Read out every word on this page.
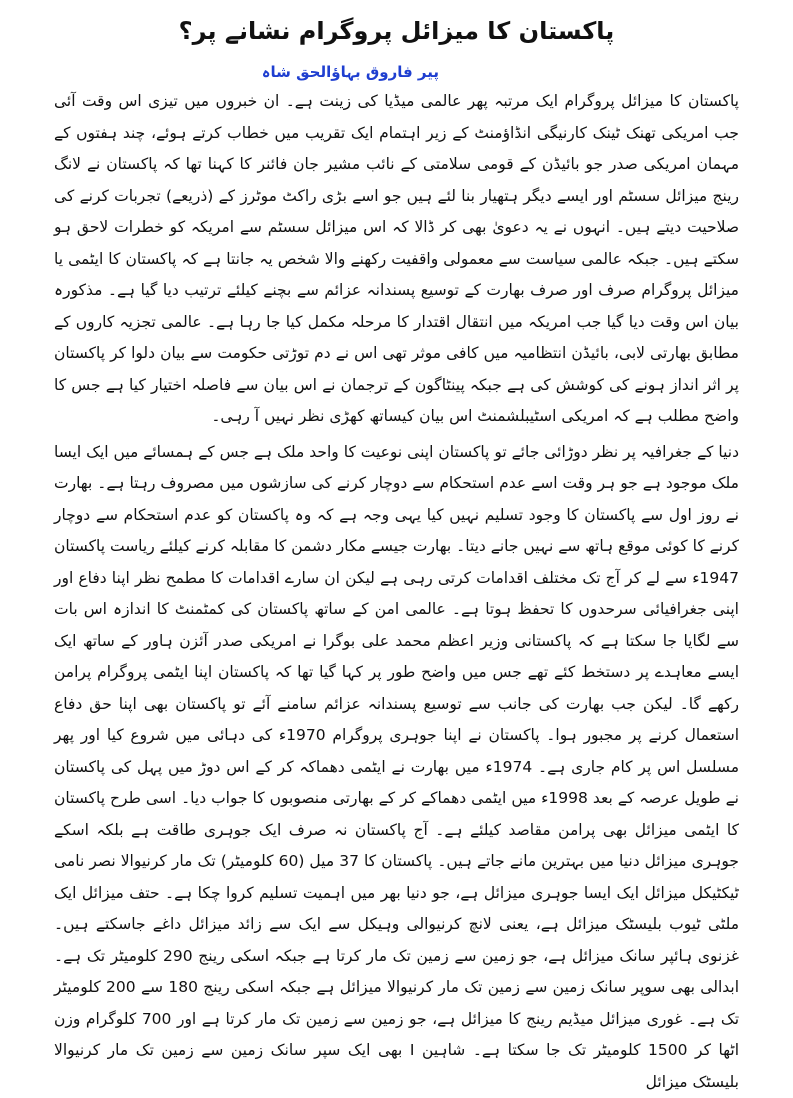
پاکستان کا میزائل پروگرام نشانے پر؟
پیر فاروق بہاؤالحق شاہ

پاکستان کا میزائل پروگرام ایک مرتبہ پھر عالمی میڈیا کی زینت ہے۔ ان خبروں میں تیزی اس وقت آئی جب امریکی تھنک ٹینک کارنیگی انڈاؤمنٹ کے زیر اہتمام ایک تقریب میں خطاب کرتے ہوئے، چند ہفتوں کے مہمان امریکی صدر جو بائیڈن کے قومی سلامتی کے نائب مشیر جان فائنر کا کہنا تھا کہ پاکستان نے لانگ رینج میزائل سسٹم اور ایسے دیگر ہتھیار بنا لئے ہیں جو اسے بڑی راکٹ موٹرز کے (ذریعے) تجربات کرنے کی صلاحیت دیتے ہیں۔ انہوں نے یہ دعویٰ بھی کر ڈالا کہ اس میزائل سسٹم سے امریکہ کو خطرات لاحق ہو سکتے ہیں۔ جبکہ عالمی سیاست سے معمولی واقفیت رکھنے والا شخص یہ جانتا ہے کہ پاکستان کا ایٹمی یا میزائل پروگرام صرف اور صرف بھارت کے توسیع پسندانہ عزائم سے بچنے کیلئے ترتیب دیا گیا ہے۔ مذکورہ بیان اس وقت دیا گیا جب امریکہ میں انتقال اقتدار کا مرحلہ مکمل کیا جا رہا ہے۔ عالمی تجزیہ کاروں کے مطابق بھارتی لابی، بائیڈن انتظامیہ میں کافی موثر تھی اس نے دم توڑتی حکومت سے بیان دلوا کر پاکستان پر اثر انداز ہونے کی کوشش کی ہے جبکہ پینٹاگون کے ترجمان نے اس بیان سے فاصلہ اختیار کیا ہے جس کا واضح مطلب ہے کہ امریکی اسٹیبلشمنٹ اس بیان کیساتھ کھڑی نظر نہیں آ رہی۔

دنیا کے جغرافیہ پر نظر دوڑائی جائے تو پاکستان اپنی نوعیت کا واحد ملک ہے جس کے ہمسائے میں ایک ایسا ملک موجود ہے جو ہر وقت اسے عدم استحکام سے دوچار کرنے کی سازشوں میں مصروف رہتا ہے۔ بھارت نے روز اول سے پاکستان کا وجود تسلیم نہیں کیا یہی وجہ ہے کہ وہ پاکستان کو عدم استحکام سے دوچار کرنے کا کوئی موقع ہاتھ سے نہیں جانے دیتا۔ بھارت جیسے مکار دشمن کا مقابلہ کرنے کیلئے ریاست پاکستان 1947ء سے لے کر آج تک مختلف اقدامات کرتی رہی ہے لیکن ان سارے اقدامات کا مطمح نظر اپنا دفاع اور اپنی جغرافیائی سرحدوں کا تحفظ ہوتا ہے۔ عالمی امن کے ساتھ پاکستان کی کمٹمنٹ کا اندازہ اس بات سے لگایا جا سکتا ہے کہ پاکستانی وزیر اعظم محمد علی بوگرا نے امریکی صدر آئزن ہاور کے ساتھ ایک ایسے معاہدے پر دستخط کئے تھے جس میں واضح طور پر کہا گیا تھا کہ پاکستان اپنا ایٹمی پروگرام پرامن رکھے گا۔ لیکن جب بھارت کی جانب سے توسیع پسندانہ عزائم سامنے آئے تو پاکستان بھی اپنا حق دفاع استعمال کرنے پر مجبور ہوا۔ پاکستان نے اپنا جوہری پروگرام 1970ء کی دہائی میں شروع کیا اور پھر مسلسل اس پر کام جاری ہے۔ 1974ء میں بھارت نے ایٹمی دھماکہ کر کے اس دوڑ میں پہل کی پاکستان نے طویل عرصہ کے بعد 1998ء میں ایٹمی دھماکے کر کے بھارتی منصوبوں کا جواب دیا۔ اسی طرح پاکستان کا ایٹمی میزائل بھی پرامن مقاصد کیلئے ہے۔ آج پاکستان نہ صرف ایک جوہری طاقت ہے بلکہ اسکے جوہری میزائل دنیا میں بہترین مانے جاتے ہیں۔ پاکستان کا 37 میل (60 کلومیٹر) تک مار کرنیوالا نصر نامی ٹیکٹیکل میزائل ایک ایسا جوہری میزائل ہے، جو دنیا بھر میں اہمیت تسلیم کروا چکا ہے۔ حتف میزائل ایک ملٹی ٹیوب بلیسٹک میزائل ہے، یعنی لانچ کرنیوالی وہیکل سے ایک سے زائد میزائل داغے جاسکتے ہیں۔ غزنوی ہائپر سانک میزائل ہے، جو زمین سے زمین تک مار کرتا ہے جبکہ اسکی رینج 290 کلومیٹر تک ہے۔ ابدالی بھی سوپر سانک زمین سے زمین تک مار کرنیوالا میزائل ہے جبکہ اسکی رینج 180 سے 200 کلومیٹر تک ہے۔ غوری میزائل میڈیم رینج کا میزائل ہے، جو زمین سے زمین تک مار کرتا ہے اور 700 کلوگرام وزن اٹھا کر 1500 کلومیٹر تک جا سکتا ہے۔ شاہین I بھی ایک سپر سانک زمین سے زمین تک مار کرنیوالا بلیسٹک میزائل
